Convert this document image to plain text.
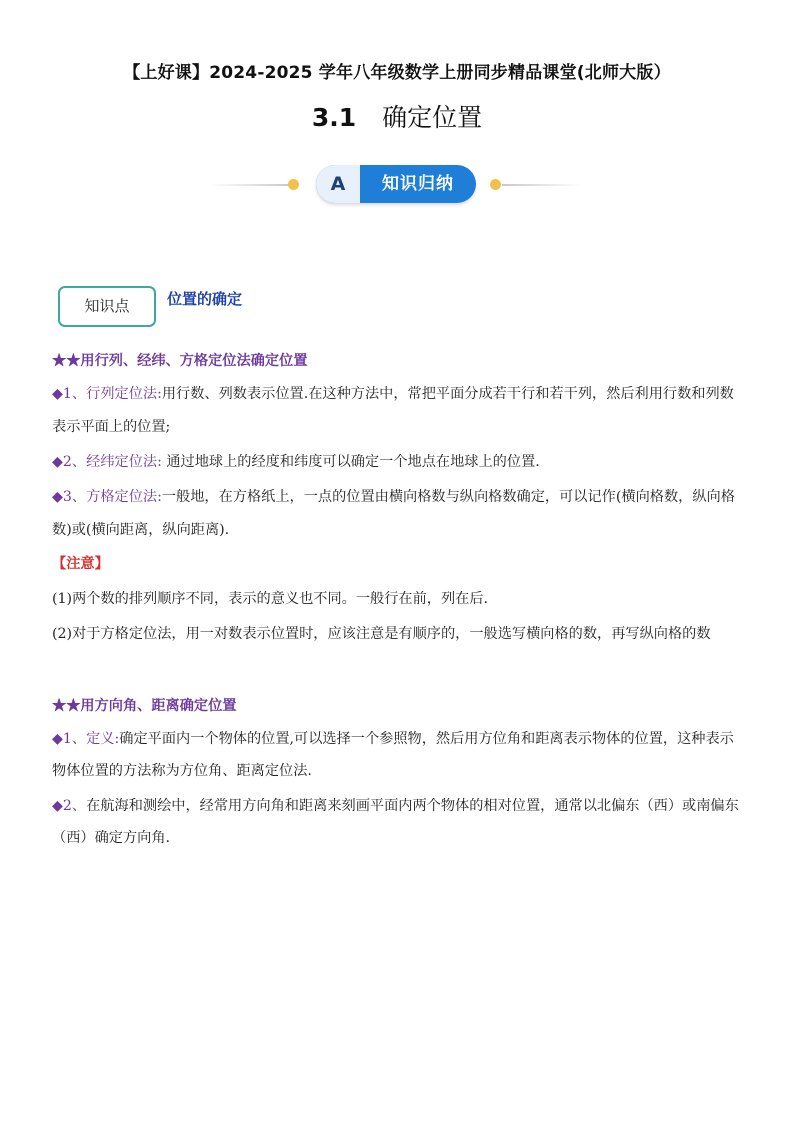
【上好课】2024-2025 学年八年级数学上册同步精品课堂(北师大版）
3.1 确定位置
A	知识归纳
知识点	位置的确定

★★用行列、经纬、方格定位法确定位置

◆1、行列定位法:用行数、列数表示位置.在这种方法中，常把平面分成若干行和若干列，然后利用行数和列数表示平面上的位置;

◆2、经纬定位法: 通过地球上的经度和纬度可以确定一个地点在地球上的位置.

◆3、方格定位法:一般地，在方格纸上，一点的位置由横向格数与纵向格数确定，可以记作(横向格数，纵向格数)或(横向距离，纵向距离).

【注意】

(1)两个数的排列顺序不同，表示的意义也不同。一般行在前，列在后.

(2)对于方格定位法，用一对数表示位置时，应该注意是有顺序的，一般选写横向格的数，再写纵向格的数

★★用方向角、距离确定位置

◆1、定义:确定平面内一个物体的位置,可以选择一个参照物，然后用方位角和距离表示物体的位置，这种表示物体位置的方法称为方位角、距离定位法.

◆2、在航海和测绘中，经常用方向角和距离来刻画平面内两个物体的相对位置，通常以北偏东（西）或南偏东（西）确定方向角.
